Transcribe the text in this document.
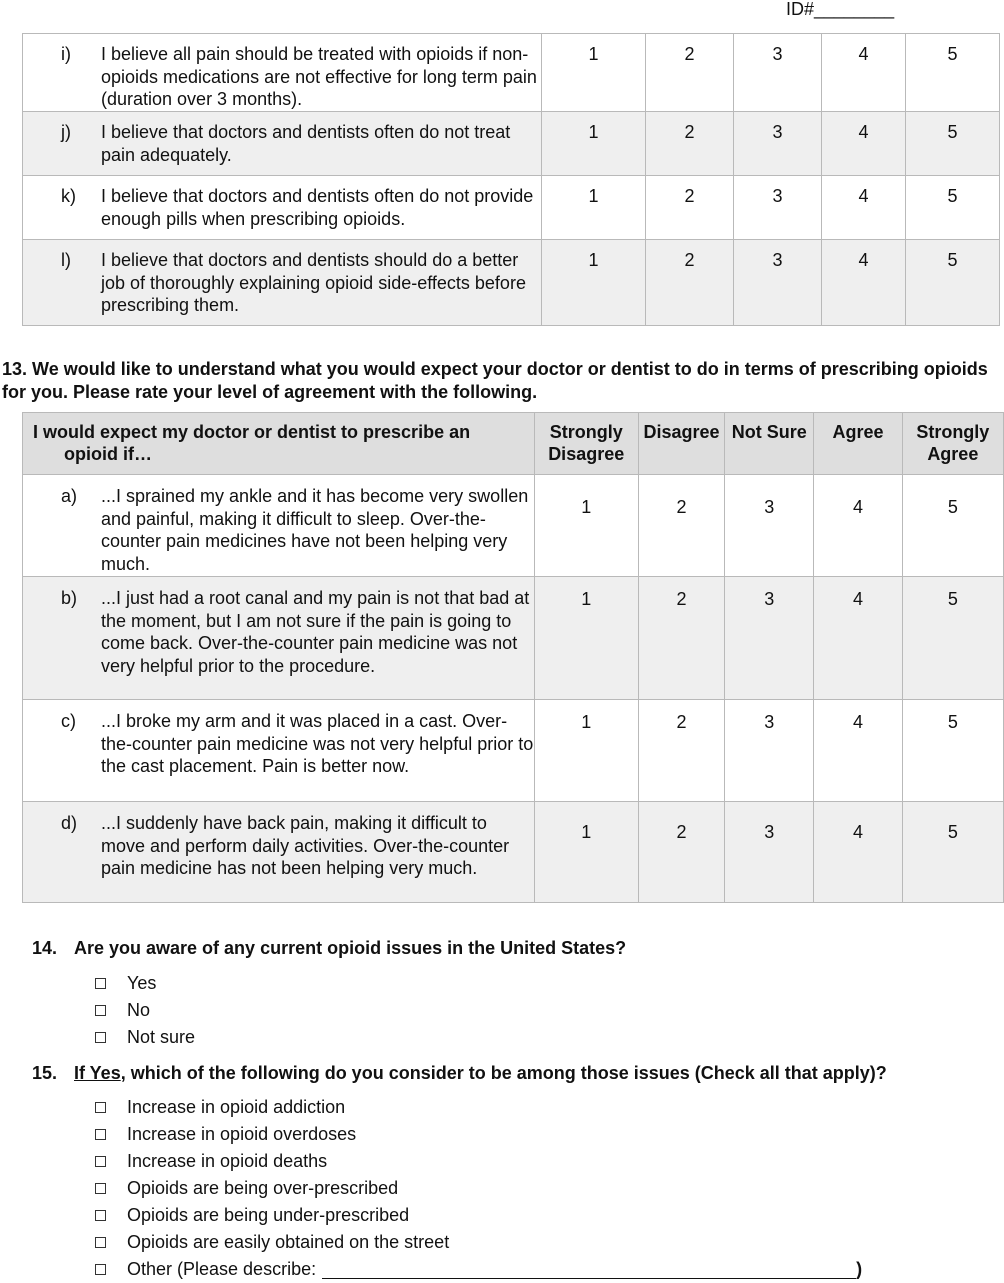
ID#________
i) I believe all pain should be treated with opioids if non-opioids medications are not effective for long term pain (duration over 3 months).	1	2	3	4	5

j) I believe that doctors and dentists often do not treat pain adequately.	1	2	3	4	5

k) I believe that doctors and dentists often do not provide enough pills when prescribing opioids.	1	2	3	4	5

l) I believe that doctors and dentists should do a better job of thoroughly explaining opioid side-effects before prescribing them.	1	2	3	4	5
13. We would like to understand what you would expect your doctor or dentist to do in terms of prescribing opioids for you. Please rate your level of agreement with the following.
I would expect my doctor or dentist to prescribe an
opioid if…	Strongly Disagree	Disagree	Not Sure	Agree	Strongly Agree

a) ...I sprained my ankle and it has become very swollen and painful, making it difficult to sleep. Over-the-counter pain medicines have not been helping very much.	1	2	3	4	5

b) ...I just had a root canal and my pain is not that bad at the moment, but I am not sure if the pain is going to come back. Over-the-counter pain medicine was not very helpful prior to the procedure.	1	2	3	4	5

c) ...I broke my arm and it was placed in a cast. Over-the-counter pain medicine was not very helpful prior to the cast placement. Pain is better now.	1	2	3	4	5

d) ...I suddenly have back pain, making it difficult to move and perform daily activities. Over-the-counter pain medicine has not been helping very much.	1	2	3	4	5
14. Are you aware of any current opioid issues in the United States?
Yes
No
Not sure
15. If Yes, which of the following do you consider to be among those issues (Check all that apply)?
Increase in opioid addiction
Increase in opioid overdoses
Increase in opioid deaths
Opioids are being over-prescribed
Opioids are being under-prescribed
Opioids are easily obtained on the street
Other (Please describe:	)
